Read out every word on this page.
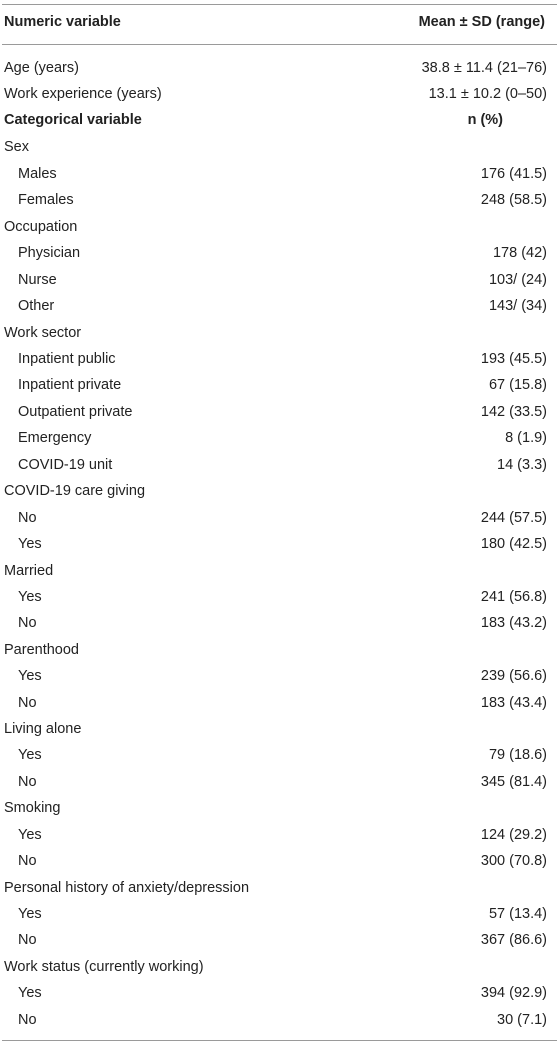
Numeric variable	Mean ± SD (range)
Age (years)	38.8 ± 11.4 (21–76)
Work experience (years)	13.1 ± 10.2 (0–50)
Categorical variable	n (%)
Sex
Males	176 (41.5)
Females	248 (58.5)
Occupation
Physician	178 (42)
Nurse	103/ (24)
Other	143/ (34)
Work sector
Inpatient public	193 (45.5)
Inpatient private	67 (15.8)
Outpatient private	142 (33.5)
Emergency	8 (1.9)
COVID-19 unit	14 (3.3)
COVID-19 care giving
No	244 (57.5)
Yes	180 (42.5)
Married
Yes	241 (56.8)
No	183 (43.2)
Parenthood
Yes	239 (56.6)
No	183 (43.4)
Living alone
Yes	79 (18.6)
No	345 (81.4)
Smoking
Yes	124 (29.2)
No	300 (70.8)
Personal history of anxiety/depression
Yes	57 (13.4)
No	367 (86.6)
Work status (currently working)
Yes	394 (92.9)
No	30 (7.1)
